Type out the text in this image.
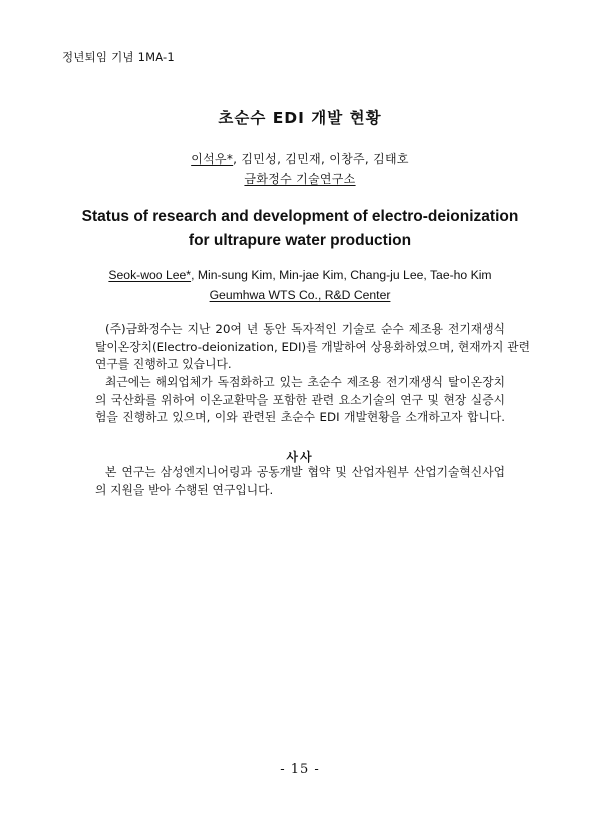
정년퇴임 기념 1MA-1
초순수 EDI 개발 현황
이석우*, 김민성, 김민재, 이창주, 김태호
금화정수 기술연구소
Status of research and development of electro-deionization
for ultrapure water production
Seok-woo Lee*, Min-sung Kim, Min-jae Kim, Chang-ju Lee, Tae-ho Kim
Geumhwa WTS Co., R&D Center
(주)금화정수는 지난 20여 년 동안 독자적인 기술로 순수 제조용 전기재생식
탈이온장치(Electro-deionization, EDI)를 개발하여 상용화하였으며, 현재까지 관련
연구를 진행하고 있습니다.
최근에는 해외업체가 독점화하고 있는 초순수 제조용 전기재생식 탈이온장치
의 국산화를 위하여 이온교환막을 포함한 관련 요소기술의 연구 및 현장 실증시
험을 진행하고 있으며, 이와 관련된 초순수 EDI 개발현황을 소개하고자 합니다.
사사
본 연구는 삼성엔지니어링과 공동개발 협약 및 산업자원부 산업기술혁신사업
의 지원을 받아 수행된 연구입니다.
- 15 -
